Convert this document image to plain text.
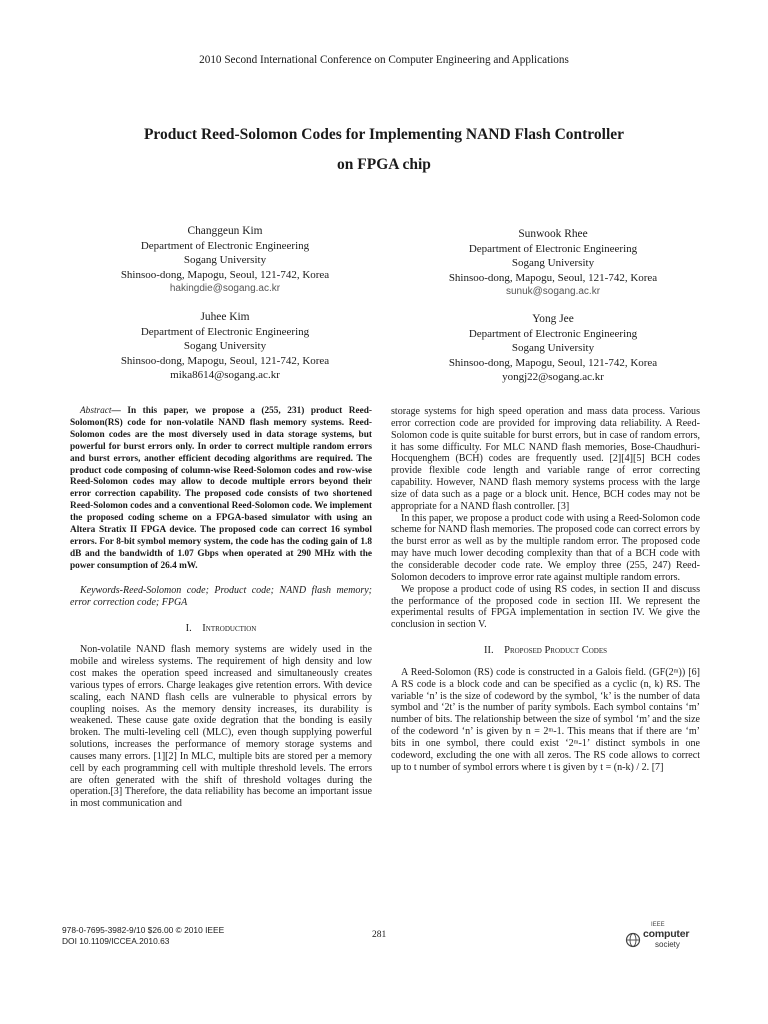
2010 Second International Conference on Computer Engineering and Applications
Product Reed-Solomon Codes for Implementing NAND Flash Controller
on FPGA chip
Changgeun Kim
Department of Electronic Engineering
Sogang University
Shinsoo-dong, Mapogu, Seoul, 121-742, Korea
hakingdie@sogang.ac.kr
Sunwook Rhee
Department of Electronic Engineering
Sogang University
Shinsoo-dong, Mapogu, Seoul, 121-742, Korea
sunuk@sogang.ac.kr
Juhee Kim
Department of Electronic Engineering
Sogang University
Shinsoo-dong, Mapogu, Seoul, 121-742, Korea
mika8614@sogang.ac.kr
Yong Jee
Department of Electronic Engineering
Sogang University
Shinsoo-dong, Mapogu, Seoul, 121-742, Korea
yongj22@sogang.ac.kr
Abstract— In this paper, we propose a (255, 231) product Reed-Solomon(RS) code for non-volatile NAND flash memory systems. Reed-Solomon codes are the most diversely used in data storage systems, but powerful for burst errors only. In order to correct multiple random errors and burst errors, another efficient decoding algorithms are required. The product code composing of column-wise Reed-Solomon codes and row-wise Reed-Solomon codes may allow to decode multiple errors beyond their error correction capability. The proposed code consists of two shortened Reed-Solomon codes and a conventional Reed-Solomon code. We implement the proposed coding scheme on a FPGA-based simulator with using an Altera Stratix II FPGA device. The proposed code can correct 16 symbol errors. For 8-bit symbol memory system, the code has the coding gain of 1.8 dB and the bandwidth of 1.07 Gbps when operated at 290 MHz with the power consumption of 26.4 mW.
Keywords-Reed-Solomon code; Product code; NAND flash memory; error correction code; FPGA
I. Introduction

Non-volatile NAND flash memory systems are widely used in the mobile and wireless systems. The requirement of high density and low cost makes the operation speed increased and simultaneously creates various types of errors. Charge leakages give retention errors. With device scaling, each NAND flash cells are vulnerable to physical errors by coupling noises. As the memory density increases, its durability is weakened. These cause gate oxide degration that the bonding is easily broken. The multi-leveling cell (MLC), even though supplying powerful solutions, increases the performance of memory storage systems and causes many errors. [1][2] In MLC, multiple bits are stored per a memory cell by each programming cell with multiple threshold levels. The errors are often generated with the shift of threshold voltages during the operation.[3] Therefore, the data reliability has become an important issue in most communication and

storage systems for high speed operation and mass data process. Various error correction code are provided for improving data reliability. A Reed-Solomon code is quite suitable for burst errors, but in case of random errors, it has some difficulty. For MLC NAND flash memories, Bose-Chaudhuri-Hocquenghem (BCH) codes are frequently used. [2][4][5] BCH codes provide flexible code length and variable range of error correcting capability. However, NAND flash memory systems process with the large size of data such as a page or a block unit. Hence, BCH codes may not be appropriate for a NAND flash controller. [3]

In this paper, we propose a product code with using a Reed-Solomon code scheme for NAND flash memories. The proposed code can correct errors by the burst error as well as by the multiple random error. The proposed code may have much lower decoding complexity than that of a BCH code with the considerable decoder code rate. We employ three (255, 247) Reed-Solomon decoders to improve error rate against multiple random errors.

We propose a product code of using RS codes, in section II and discuss the performance of the proposed code in section III. We represent the experimental results of FPGA implementation in section IV. We give the conclusion in section V.

II. Proposed Product Codes

A Reed-Solomon (RS) code is constructed in a Galois field. (GF(2ᵐ)) [6] A RS code is a block code and can be specified as a cyclic (n, k) RS. The variable ‘n’ is the size of codeword by the symbol, ‘k’ is the number of data symbol and ‘2t’ is the number of parity symbols. Each symbol contains ‘m’ number of bits. The relationship between the size of symbol ‘m’ and the size of the codeword ‘n’ is given by n = 2ᵐ-1. This means that if there are ‘m’ bits in one symbol, there could exist ‘2ᵐ-1’ distinct symbols in one codeword, excluding the one with all zeros. The RS code allows to correct up to t number of symbol errors where t is given by t = (n-k) / 2. [7]

978-0-7695-3982-9/10 $26.00 © 2010 IEEE
DOI 10.1109/ICCEA.2010.63
281
IEEE
computer
society
